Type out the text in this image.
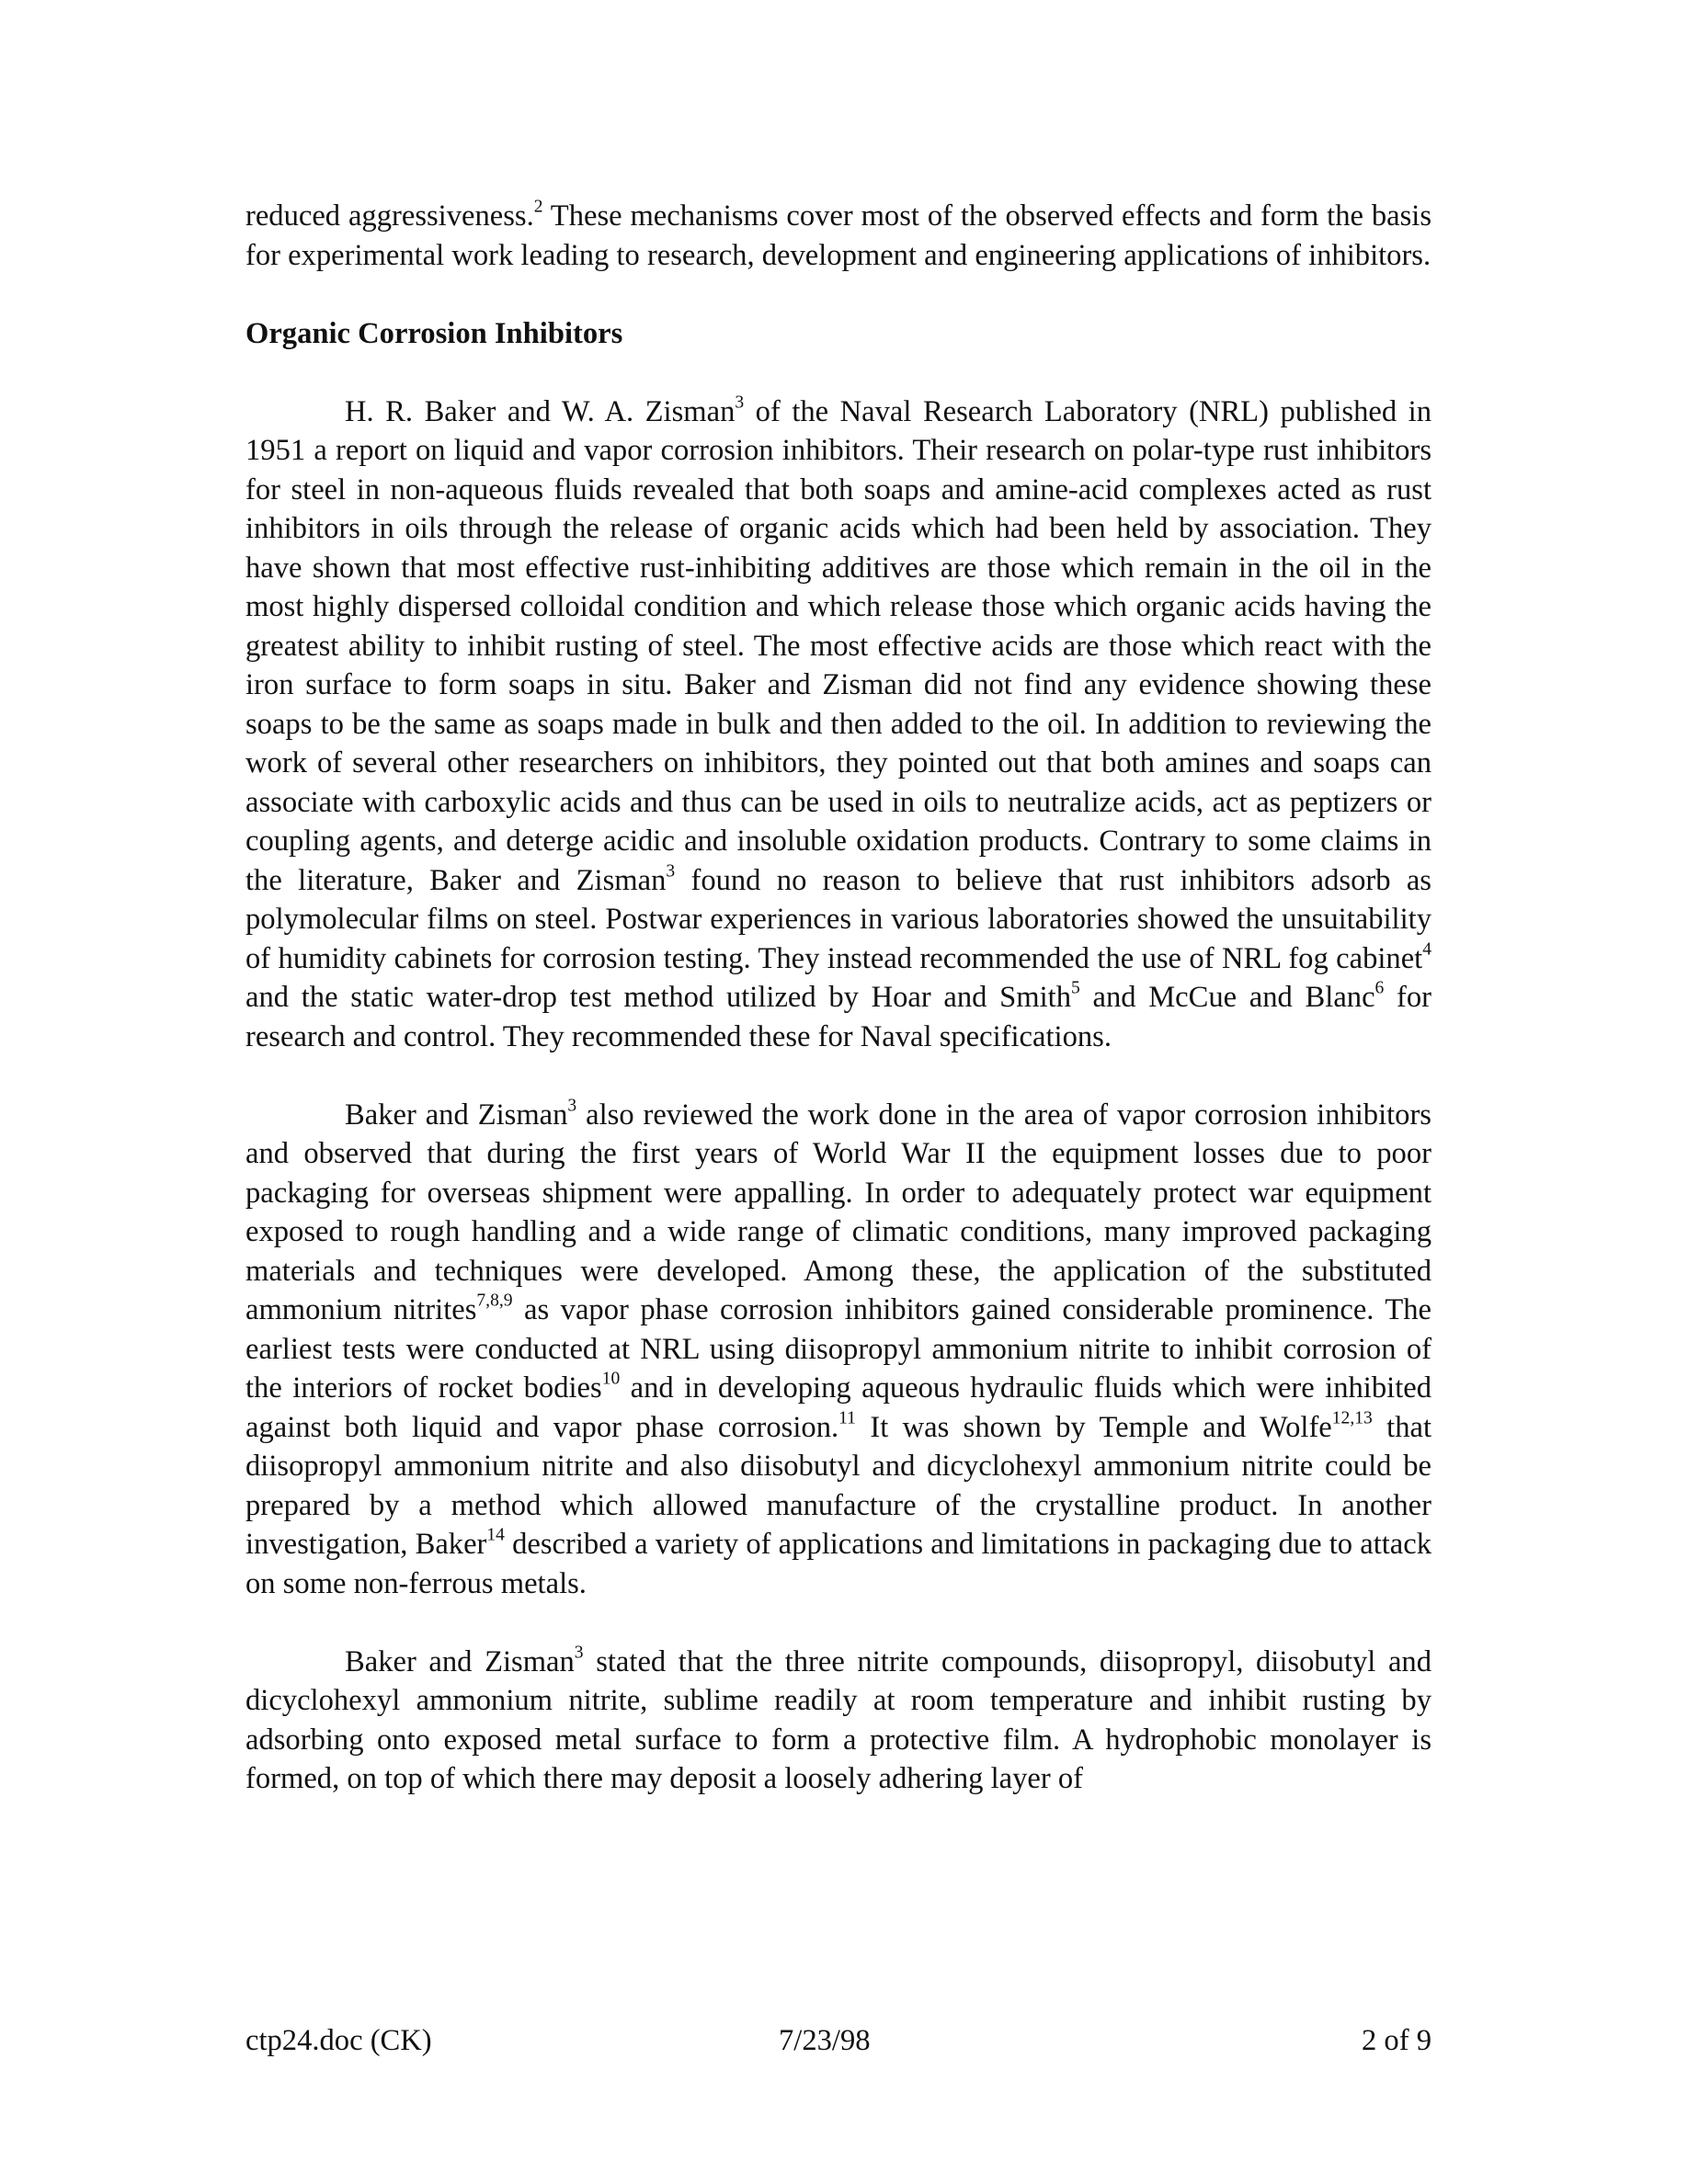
reduced aggressiveness.$^2$ These mechanisms cover most of the observed effects and form the basis for experimental work leading to research, development and engineering applications of inhibitors.

Organic Corrosion Inhibitors

H. R. Baker and W. A. Zisman$^3$ of the Naval Research Laboratory (NRL) published in 1951 a report on liquid and vapor corrosion inhibitors. Their research on polar-type rust inhibitors for steel in non-aqueous fluids revealed that both soaps and amine-acid complexes acted as rust inhibitors in oils through the release of organic acids which had been held by association. They have shown that most effective rust-inhibiting additives are those which remain in the oil in the most highly dispersed colloidal condition and which release those which organic acids having the greatest ability to inhibit rusting of steel. The most effective acids are those which react with the iron surface to form soaps in situ. Baker and Zisman did not find any evidence showing these soaps to be the same as soaps made in bulk and then added to the oil. In addition to reviewing the work of several other researchers on inhibitors, they pointed out that both amines and soaps can associate with carboxylic acids and thus can be used in oils to neutralize acids, act as peptizers or coupling agents, and deterge acidic and insoluble oxidation products. Contrary to some claims in the literature, Baker and Zisman$^3$ found no reason to believe that rust inhibitors adsorb as polymolecular films on steel. Postwar experiences in various laboratories showed the unsuitability of humidity cabinets for corrosion testing. They instead recommended the use of NRL fog cabinet$^4$ and the static water-drop test method utilized by Hoar and Smith$^5$ and McCue and Blanc$^6$ for research and control. They recommended these for Naval specifications.

Baker and Zisman$^3$ also reviewed the work done in the area of vapor corrosion inhibitors and observed that during the first years of World War II the equipment losses due to poor packaging for overseas shipment were appalling. In order to adequately protect war equipment exposed to rough handling and a wide range of climatic conditions, many improved packaging materials and techniques were developed. Among these, the application of the substituted ammonium nitrites$^{7,8,9}$ as vapor phase corrosion inhibitors gained considerable prominence. The earliest tests were conducted at NRL using diisopropyl ammonium nitrite to inhibit corrosion of the interiors of rocket bodies$^{10}$ and in developing aqueous hydraulic fluids which were inhibited against both liquid and vapor phase corrosion.$^{11}$ It was shown by Temple and Wolfe$^{12,13}$ that diisopropyl ammonium nitrite and also diisobutyl and dicyclohexyl ammonium nitrite could be prepared by a method which allowed manufacture of the crystalline product. In another investigation, Baker$^{14}$ described a variety of applications and limitations in packaging due to attack on some non-ferrous metals.

Baker and Zisman$^3$ stated that the three nitrite compounds, diisopropyl, diisobutyl and dicyclohexyl ammonium nitrite, sublime readily at room temperature and inhibit rusting by adsorbing onto exposed metal surface to form a protective film. A hydrophobic monolayer is formed, on top of which there may deposit a loosely adhering layer of

ctp24.doc (CK)	7/23/98	2 of 9
